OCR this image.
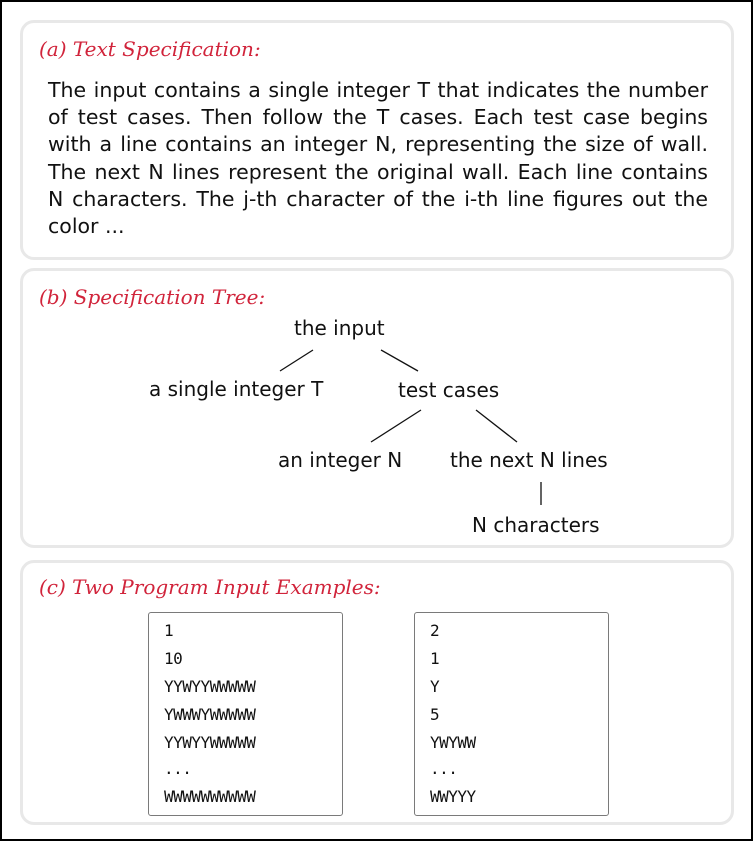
(a) Text Specification:
The input contains a single integer T that indicates the number of test cases. Then follow the T cases. Each test case begins with a line contains an integer N, representing the size of wall. The next N lines represent the original wall. Each line contains N characters. The j-th character of the i-th line figures out the color ...
(b) Specification Tree:
the input
a single integer T	test cases
an integer N the next N lines
N characters
(c) Two Program Input Examples:
1
10
YYWYYWWWWW
YWWWYWWWWW
YYWYYWWWWW
...
WWWWWWWWWW
2
1
Y
5
YWYWW
...
WWYYY
